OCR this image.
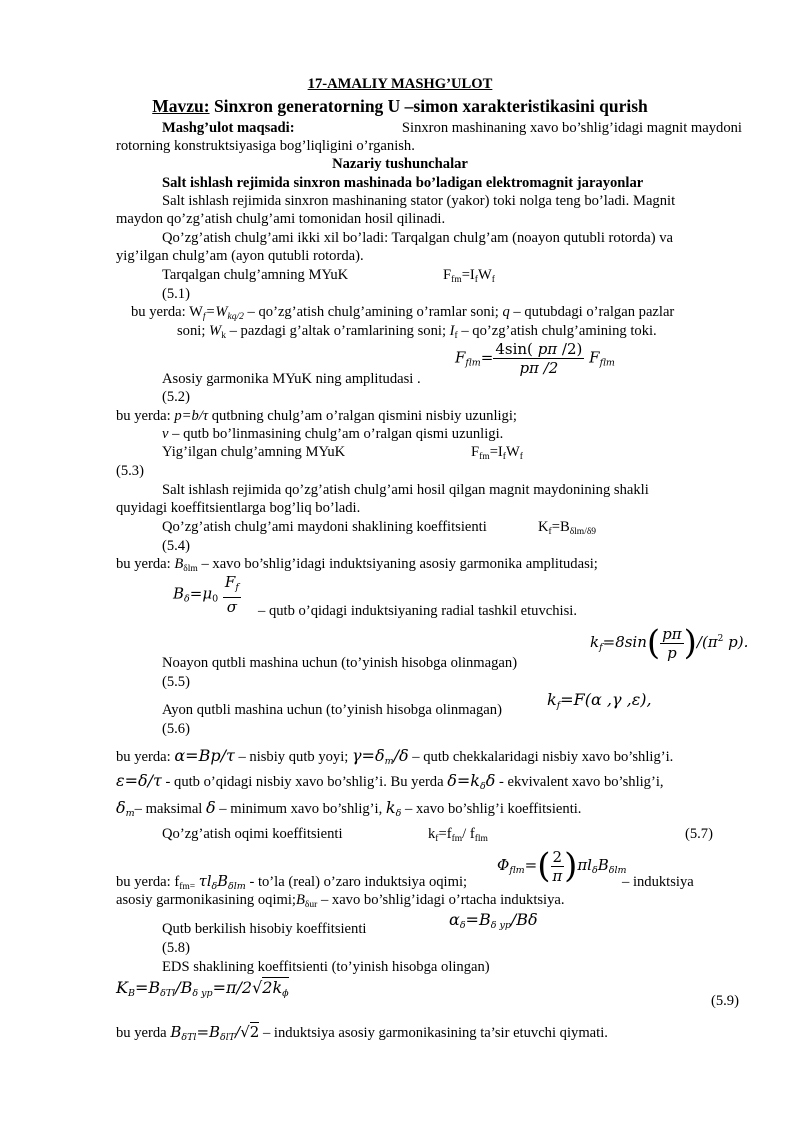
17-AMALIY MASHG’ULOT
Mavzu: Sinxron generatorning U –simon xarakteristikasini qurish
Mashg’ulot maqsadi:	Sinxron mashinaning xavo bo’shlig’idagi magnit maydoni
rotorning konstruktsiyasiga bog’liqligini o’rganish.
Nazariy tushunchalar
Salt ishlash rejimida sinxron mashinada bo’ladigan elektromagnit jarayonlar
Salt ishlash rejimida sinxron mashinaning stator (yakor) toki nolga teng bo’ladi. Magnit
maydon qo’zg’atish chulg’ami tomonidan hosil qilinadi.
Qo’zg’atish chulg’ami ikki xil bo’ladi: Tarqalgan chulg’am (noayon qutubli rotorda) va
yig’ilgan chulg’am (ayon qutubli rotorda).
Tarqalgan chulg’amning MYuK	$F_{fm}=I_fW_f$
(5.1)
bu yerda: $W_f=W_{kq/2}$ – qo’zg’atish chulg’amining o’ramlar soni; q – qutubdagi o’ralgan pazlar
soni; $W_k$ – pazdagi g’altak o’ramlarining soni; $I_f$ – qo’zg’atish chulg’amining toki.
$F_{flm}= \frac{4\sin( p\pi /2)}{p\pi /2} F_{flm}$
Asosiy garmonika MYuK ning amplitudasi .
(5.2)
bu yerda: p=b/τ qutbning chulg’am o’ralgan qismini nisbiy uzunligi;
v – qutb bo’linmasining chulg’am o’ralgan qismi uzunligi.
Yig’ilgan chulg’amning MYuK	$F_{fm}=I_fW_f$
(5.3)
Salt ishlash rejimida qo’zg’atish chulg’ami hosil qilgan magnit maydonining shakli
quyidagi koeffitsientlarga bog’liq bo’ladi.
Qo’zg’atish chulg’ami maydoni shaklining koeffitsienti	$K_f=B_{\delta lm/\delta 9}$
(5.4)
bu yerda: $B_{\delta lm}$ – xavo bo’shlig’idagi induktsiyaning asosiy garmonika amplitudasi;
$B_\delta=\mu_0 \frac{F_f}{\sigma}$ – qutb o’qidagi induktsiyaning radial tashkil etuvchisi.
$k_f=8\sin( \frac{p\pi}{p} )/(\pi^2$ p).
Noayon qutbli mashina uchun (to’yinish hisobga olinmagan)
(5.5)
Ayon qutbli mashina uchun (to’yinish hisobga olinmagan)
$k_f=F(\alpha$ ,γ ,ε),
(5.6)
bu yerda: α=Bp/τ – nisbiy qutb yoyi; $\gamma=\delta_m/\delta$ – qutb chekkalaridagi nisbiy xavo bo’shlig’i.
ε=δ/τ - qutb o’qidagi nisbiy xavo bo’shlig’i. Bu yerda $\delta=k_\delta\delta$ - ekvivalent xavo bo’shlig’i,
$\delta_m-$ maksimal δ – minimum xavo bo’shlig’i, $k_\delta$ – xavo bo’shlig’i koeffitsienti.
Qo’zg’atish oqimi koeffitsienti	$k_f=f_{fm}/$ $f_{flm}$	(5.7)
$\Phi_{flm}=( \frac{2}{\pi} )\pi l_\delta B_{\delta lm}$
bu yerda: $f_{fm=}$ $\tau l_\delta B_{\delta lm}$ - to’la (real) o’zaro induktsiya oqimi;	– induktsiya
asosiy garmonikasining $oqimi;B_{\delta ur}$ – xavo bo’shlig’idagi o’rtacha induktsiya.
Qutb berkilish hisobiy koeffitsienti	$\alpha_\delta=B_{\delta yp}/B\delta$
(5.8)
EDS shaklining koeffitsienti (to’yinish hisobga olingan)
$K_B=B_{\delta Tl}/B_{\delta yp}=\pi/2√2k_\phi$	(5.9)
bu yerda $B_{\delta Tl}=B_{\delta lT}/√2$ – induktsiya asosiy garmonikasining ta’sir etuvchi qiymati.
